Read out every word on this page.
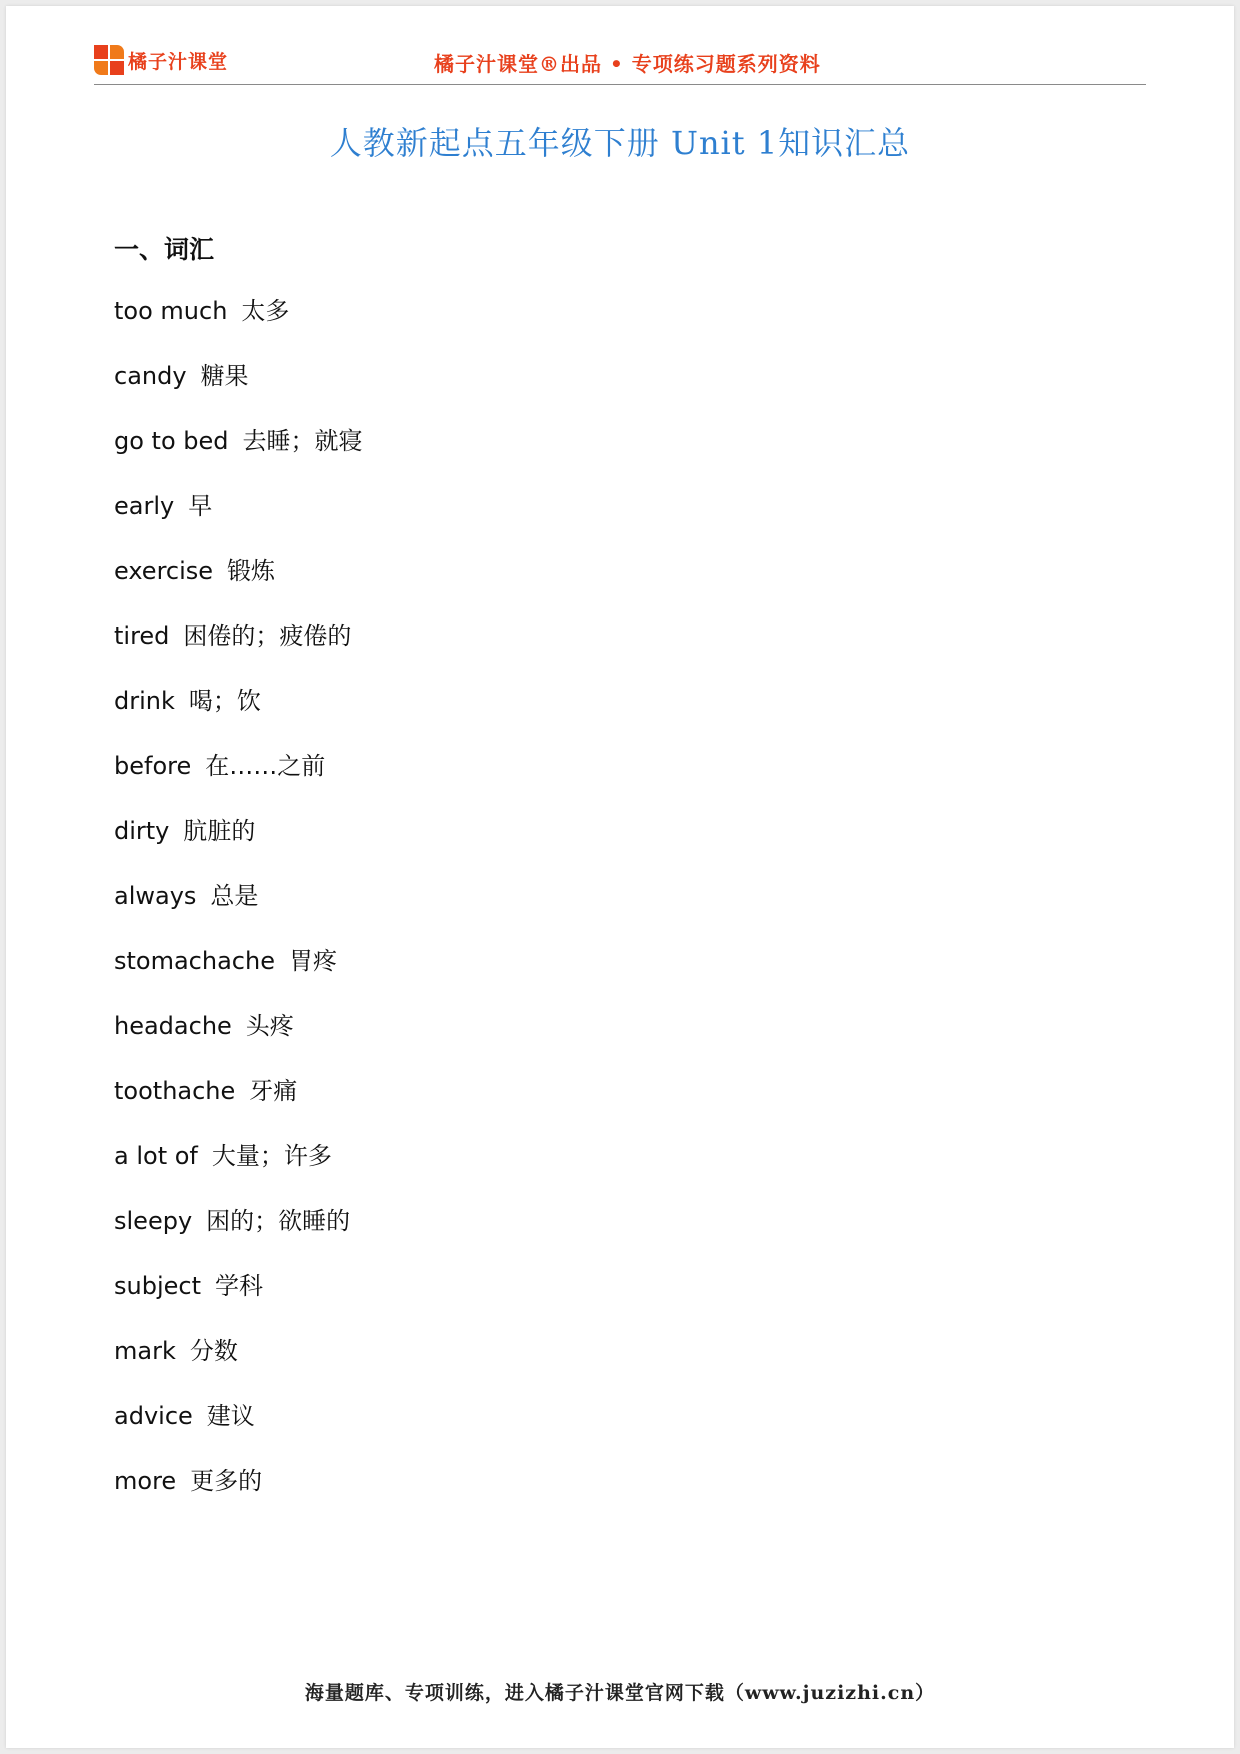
橘子汁课堂	橘子汁课堂®出品 • 专项练习题系列资料
人教新起点五年级下册 Unit 1知识汇总
一、词汇
too much 太多
candy 糖果
go to bed 去睡；就寝
early 早
exercise 锻炼
tired 困倦的；疲倦的
drink 喝；饮
before 在……之前
dirty 肮脏的
always 总是
stomachache 胃疼
headache 头疼
toothache 牙痛
a lot of 大量；许多
sleepy 困的；欲睡的
subject 学科
mark 分数
advice 建议
more 更多的
海量题库、专项训练，进入橘子汁课堂官网下载（www.juzizhi.cn）
